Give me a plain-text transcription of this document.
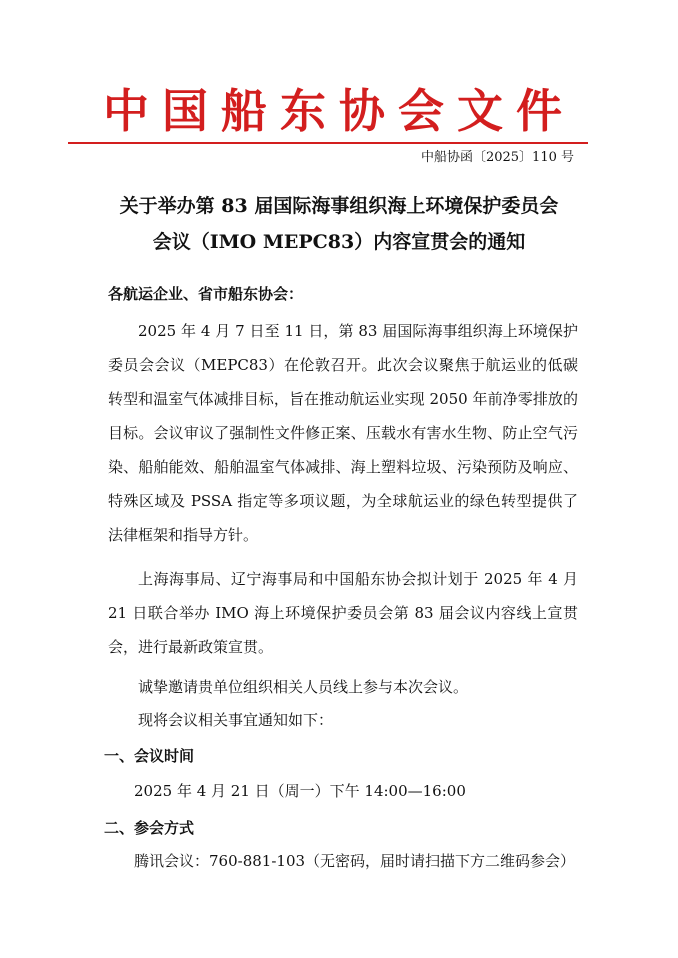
中国船东协会文件
中船协函〔2025〕110 号
关于举办第 83 届国际海事组织海上环境保护委员会
会议（IMO MEPC83）内容宣贯会的通知
各航运企业、省市船东协会：
2025 年 4 月 7 日至 11 日，第 83 届国际海事组织海上环境保护委员会会议（MEPC83）在伦敦召开。此次会议聚焦于航运业的低碳转型和温室气体减排目标，旨在推动航运业实现 2050 年前净零排放的目标。会议审议了强制性文件修正案、压载水有害水生物、防止空气污染、船舶能效、船舶温室气体减排、海上塑料垃圾、污染预防及响应、特殊区域及 PSSA 指定等多项议题，为全球航运业的绿色转型提供了法律框架和指导方针。
上海海事局、辽宁海事局和中国船东协会拟计划于 2025 年 4 月 21 日联合举办 IMO 海上环境保护委员会第 83 届会议内容线上宣贯会，进行最新政策宣贯。
诚挚邀请贵单位组织相关人员线上参与本次会议。
现将会议相关事宜通知如下：
一、会议时间
2025 年 4 月 21 日（周一）下午 14:00—16:00
二、参会方式
腾讯会议：760-881-103（无密码，届时请扫描下方二维码参会）
